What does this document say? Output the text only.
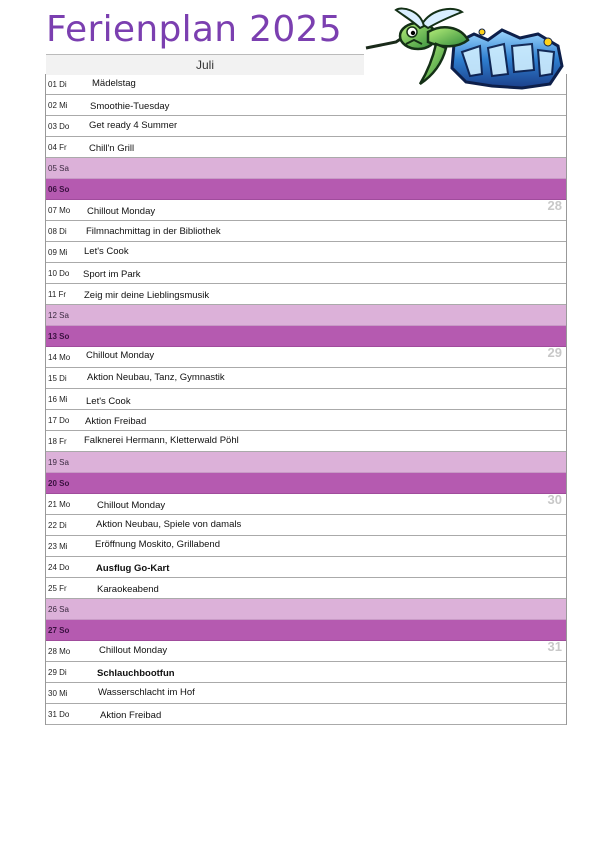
Ferienplan 2025
Juli
01 Di	Mädelstag
02 Mi Smoothie-Tuesday
03 Do Get ready 4 Summer
04 Fr Chill'n Grill
05 Sa
06 So
07 Mo Chillout Monday	28
08 Di Filmnachmittag in der Bibliothek
09 Mi Let's Cook
10 Do Sport im Park
11 Fr Zeig mir deine Lieblingsmusik
12 Sa
13 So
14 Mo Chillout Monday	29
15 Di Aktion Neubau, Tanz, Gymnastik
16 Mi Let's Cook
17 Do Aktion Freibad
18 Fr Falknerei Hermann, Kletterwald Pöhl
19 Sa
20 So
21 Mo	Chillout Monday	30
22 Di	Aktion Neubau, Spiele von damals
23 Mi	Eröffnung Moskito, Grillabend
24 Do	Ausflug Go-Kart
25 Fr	Karaokeabend
26 Sa
27 So
28 Mo	Chillout Monday	31
29 Di	Schlauchbootfun
30 Mi	Wasserschlacht im Hof
31 Do	Aktion Freibad
